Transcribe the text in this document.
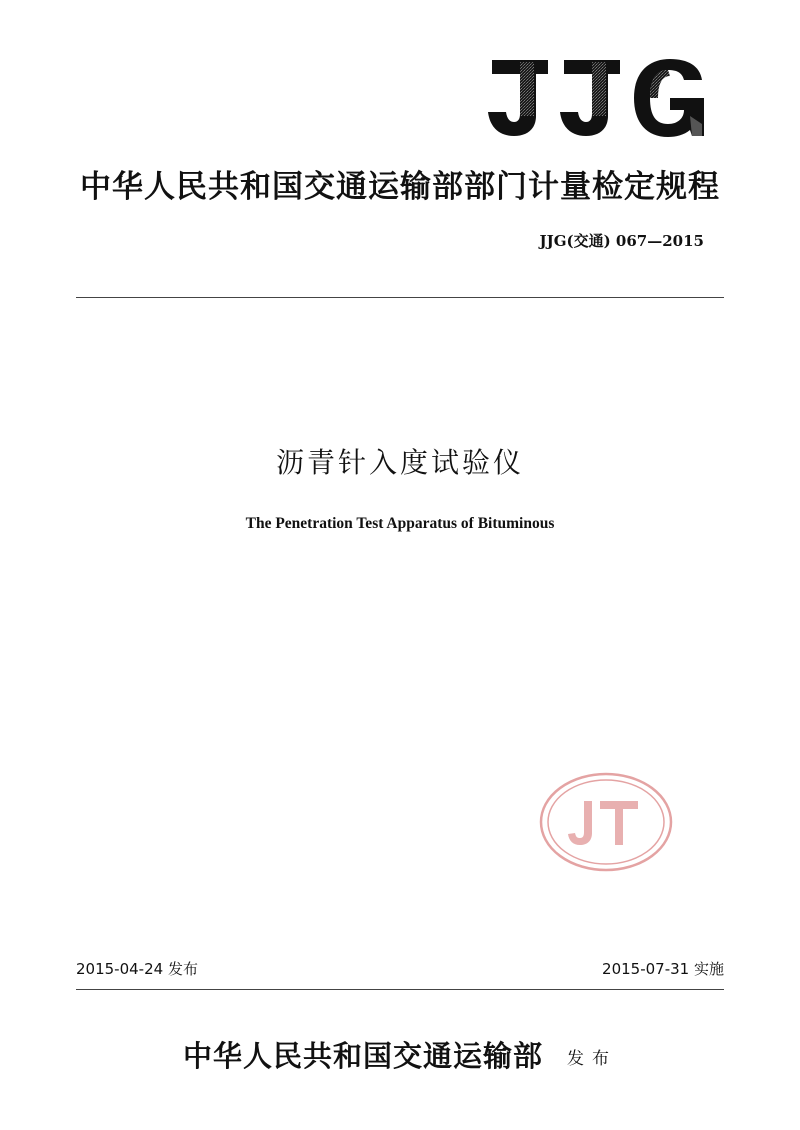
中华人民共和国交通运输部部门计量检定规程
JJG(交通) 067—2015
沥青针入度试验仪
The Penetration Test Apparatus of Bituminous
2015-04-24 发布	2015-07-31 实施
中华人民共和国交通运输部 发布
